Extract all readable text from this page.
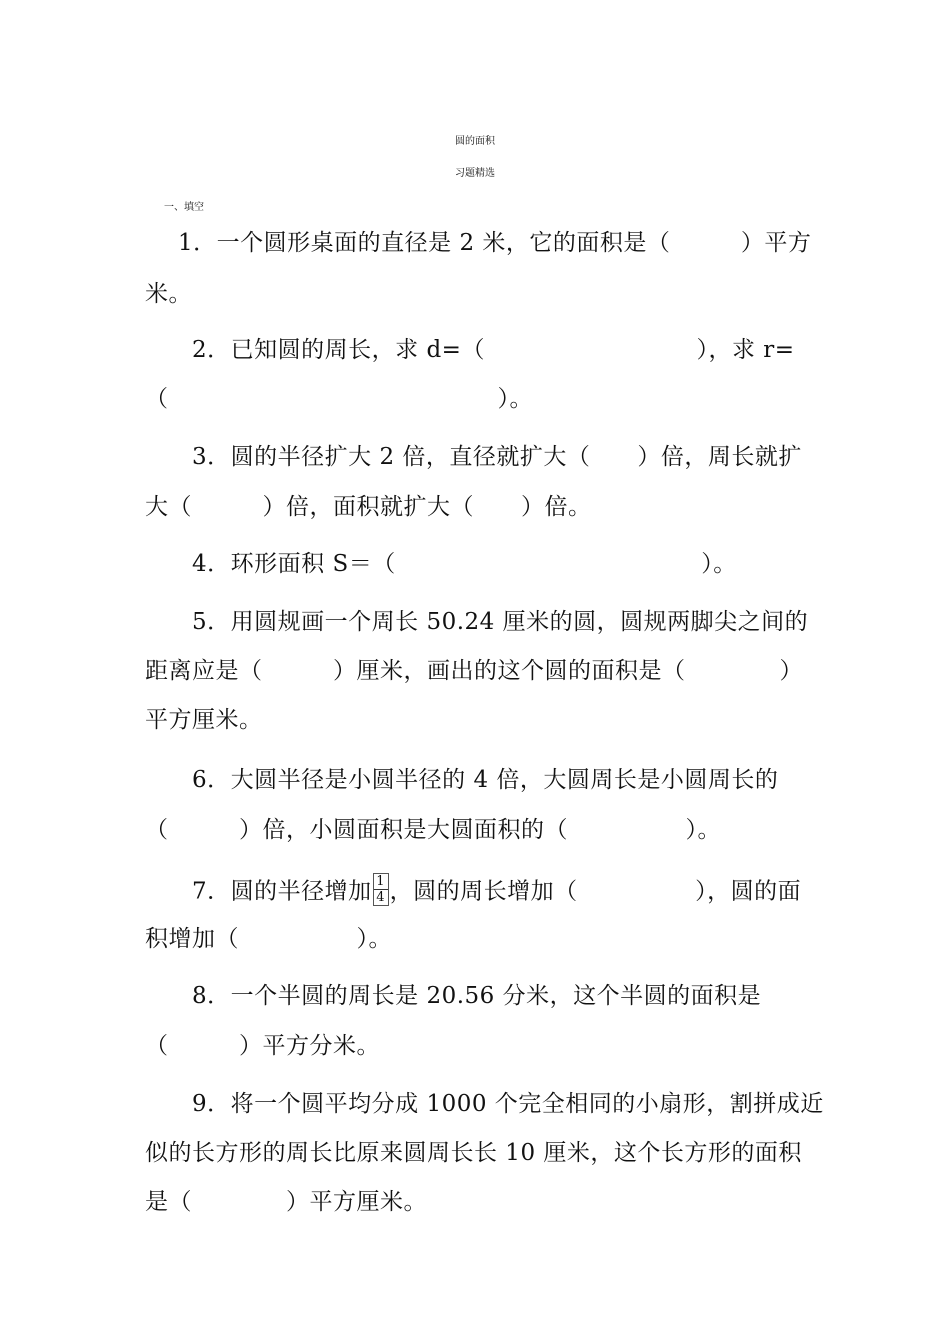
圆的面积
习题精选
一、填空
1．一个圆形桌面的直径是 2 米，它的面积是（　　　）平方
米。
2．已知圆的周长，求 d=（　　　　　　　　　），求 r=
（　　　　　　　　　　　　　　）。
3．圆的半径扩大 2 倍，直径就扩大（　　）倍，周长就扩
大（　　　）倍，面积就扩大（　　）倍。
4．环形面积 S＝（　　　　　　　　　　　　　）。
5．用圆规画一个周长 50.24 厘米的圆，圆规两脚尖之间的
距离应是（　　　）厘米，画出的这个圆的面积是（　　　　）
平方厘米。
6．大圆半径是小圆半径的 4 倍，大圆周长是小圆周长的
（　　　）倍，小圆面积是大圆面积的（　　　　　）。
7．圆的半径增加 $\frac{1}{4}$ ，圆的周长增加（　　　　　），圆的面
积增加（　　　　　）。
8．一个半圆的周长是 20.56 分米，这个半圆的面积是
（　　　）平方分米。
9．将一个圆平均分成 1000 个完全相同的小扇形，割拼成近
似的长方形的周长比原来圆周长长 10 厘米，这个长方形的面积
是（　　　　）平方厘米。
